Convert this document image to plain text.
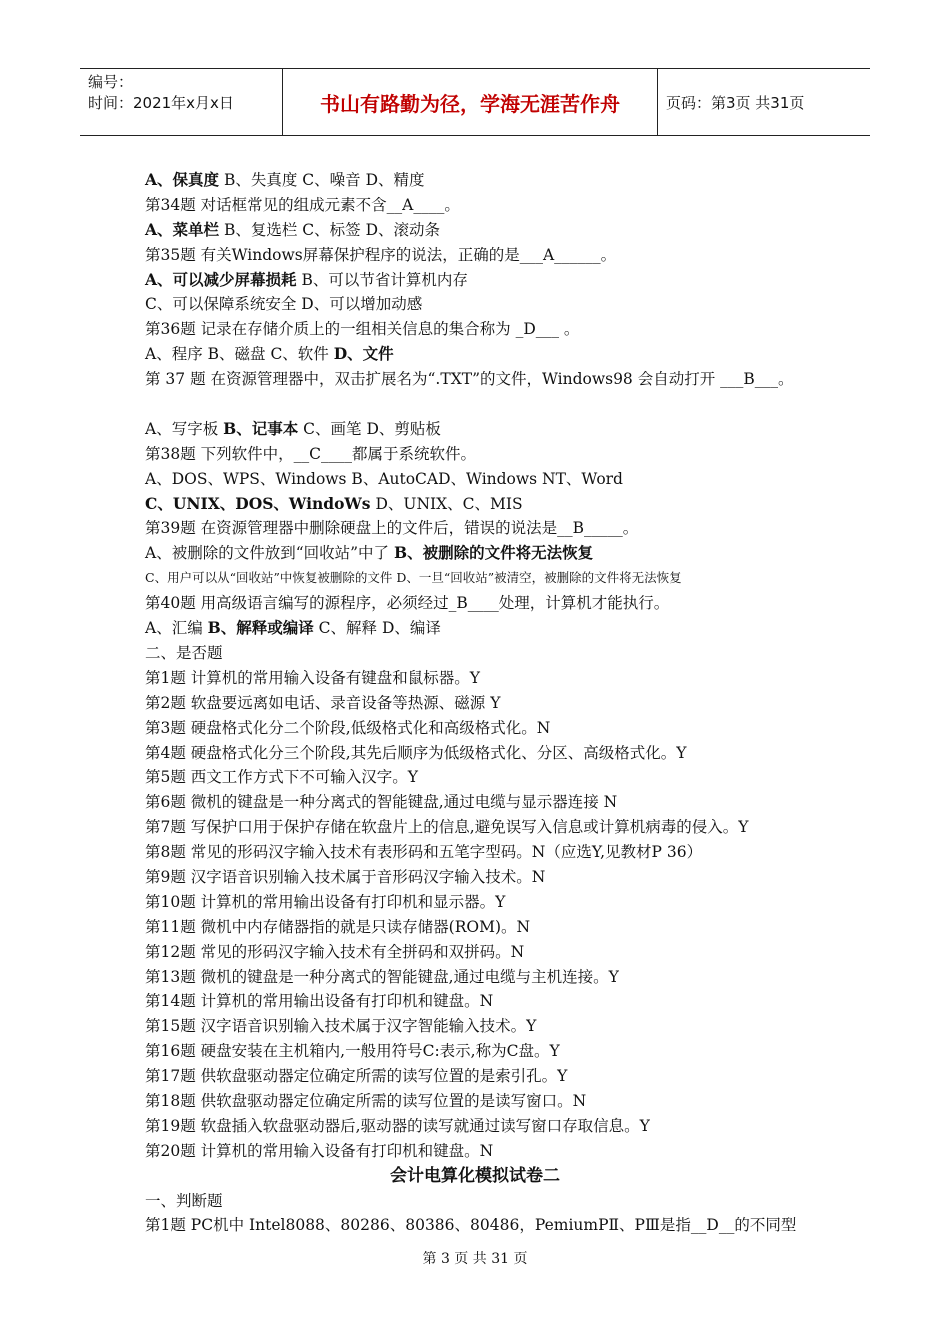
编号：
时间：2021年x月x日	书山有路勤为径，学海无涯苦作舟	页码：第3页 共31页
A、保真度 B、失真度 C、噪音 D、精度
第34题 对话框常见的组成元素不含__A____。
A、菜单栏 B、复选栏 C、标签 D、滚动条
第35题 有关Windows屏幕保护程序的说法，正确的是___A______。
A、可以减少屏幕损耗 B、可以节省计算机内存
C、可以保障系统安全 D、可以增加动感
第36题 记录在存储介质上的一组相关信息的集合称为 _D___ 。
A、程序 B、磁盘 C、软件 D、文件
第 37 题 在资源管理器中，双击扩展名为“.TXT”的文件，Windows98 会自动打开 ___B___。
A、写字板 B、记事本 C、画笔 D、剪贴板
第38题 下列软件中，__C____都属于系统软件。
A、DOS、WPS、Windows B、AutoCAD、Windows NT、Word
C、UNIX、DOS、WindoWs D、UNIX、C、MIS
第39题 在资源管理器中删除硬盘上的文件后，错误的说法是__B_____。
A、被删除的文件放到“回收站”中了 B、被删除的文件将无法恢复
C、用户可以从“回收站”中恢复被删除的文件 D、一旦“回收站”被清空，被删除的文件将无法恢复
第40题 用高级语言编写的源程序，必须经过_B____处理，计算机才能执行。
A、汇编 B、解释或编译 C、解释 D、编译
二、是否题
第1题 计算机的常用输入设备有键盘和鼠标器。Y
第2题 软盘要远离如电话、录音设备等热源、磁源 Y
第3题 硬盘格式化分二个阶段,低级格式化和高级格式化。N
第4题 硬盘格式化分三个阶段,其先后顺序为低级格式化、分区、高级格式化。Y
第5题 西文工作方式下不可输入汉字。Y
第6题 微机的键盘是一种分离式的智能键盘,通过电缆与显示器连接 N
第7题 写保护口用于保护存储在软盘片上的信息,避免误写入信息或计算机病毒的侵入。Y
第8题 常见的形码汉字输入技术有表形码和五笔字型码。N（应选Y,见教材P 36）
第9题 汉字语音识别输入技术属于音形码汉字输入技术。N
第10题 计算机的常用输出设备有打印机和显示器。Y
第11题 微机中内存储器指的就是只读存储器(ROM)。N
第12题 常见的形码汉字输入技术有全拼码和双拼码。N
第13题 微机的键盘是一种分离式的智能键盘,通过电缆与主机连接。Y
第14题 计算机的常用输出设备有打印机和键盘。N
第15题 汉字语音识别输入技术属于汉字智能输入技术。Y
第16题 硬盘安装在主机箱内,一般用符号C:表示,称为C盘。Y
第17题 供软盘驱动器定位确定所需的读写位置的是索引孔。Y
第18题 供软盘驱动器定位确定所需的读写位置的是读写窗口。N
第19题 软盘插入软盘驱动器后,驱动器的读写就通过读写窗口存取信息。Y
第20题 计算机的常用输入设备有打印机和键盘。N
会计电算化模拟试卷二
一、判断题
第1题 PC机中 Intel8088、80286、80386、80486，PemiumPⅡ、PⅢ是指__D__的不同型
第 3 页 共 31 页
